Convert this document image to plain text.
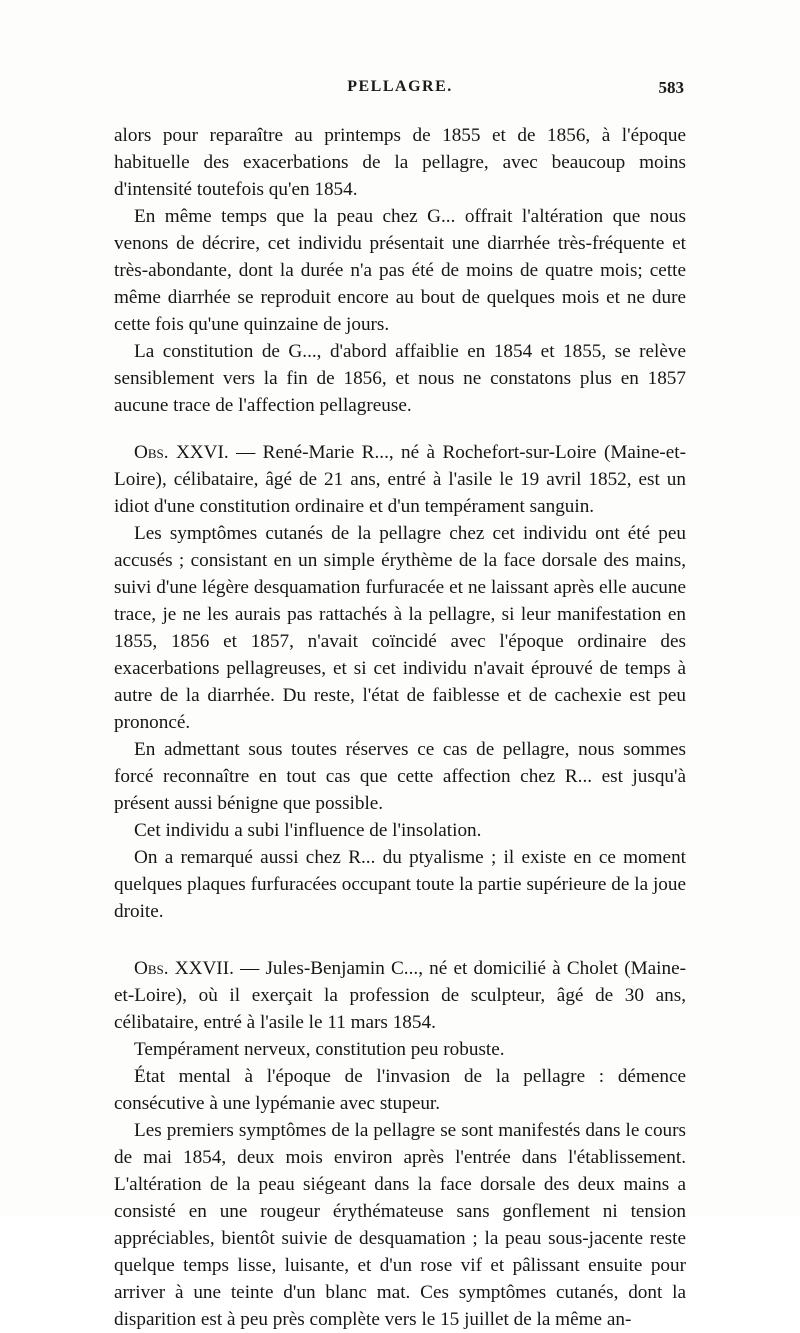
PELLAGRE.	583

alors pour reparaître au printemps de 1855 et de 1856, à l'époque habituelle des exacerbations de la pellagre, avec beaucoup moins d'intensité toutefois qu'en 1854.

En même temps que la peau chez G... offrait l'altération que nous venons de décrire, cet individu présentait une diarrhée très-fréquente et très-abondante, dont la durée n'a pas été de moins de quatre mois; cette même diarrhée se reproduit encore au bout de quelques mois et ne dure cette fois qu'une quinzaine de jours.

La constitution de G..., d'abord affaiblie en 1854 et 1855, se relève sensiblement vers la fin de 1856, et nous ne constatons plus en 1857 aucune trace de l'affection pellagreuse.

Obs. XXVI. — René-Marie R..., né à Rochefort-sur-Loire (Maine-et-Loire), célibataire, âgé de 21 ans, entré à l'asile le 19 avril 1852, est un idiot d'une constitution ordinaire et d'un tempérament sanguin.

Les symptômes cutanés de la pellagre chez cet individu ont été peu accusés ; consistant en un simple érythème de la face dorsale des mains, suivi d'une légère desquamation furfuracée et ne laissant après elle aucune trace, je ne les aurais pas rattachés à la pellagre, si leur manifestation en 1855, 1856 et 1857, n'avait coïncidé avec l'époque ordinaire des exacerbations pellagreuses, et si cet individu n'avait éprouvé de temps à autre de la diarrhée. Du reste, l'état de faiblesse et de cachexie est peu prononcé.

En admettant sous toutes réserves ce cas de pellagre, nous sommes forcé reconnaître en tout cas que cette affection chez R... est jusqu'à présent aussi bénigne que possible.

Cet individu a subi l'influence de l'insolation.

On a remarqué aussi chez R... du ptyalisme ; il existe en ce moment quelques plaques furfuracées occupant toute la partie supérieure de la joue droite.

Obs. XXVII. — Jules-Benjamin C..., né et domicilié à Cholet (Maine-et-Loire), où il exerçait la profession de sculpteur, âgé de 30 ans, célibataire, entré à l'asile le 11 mars 1854.

Tempérament nerveux, constitution peu robuste.

État mental à l'époque de l'invasion de la pellagre : démence consécutive à une lypémanie avec stupeur.

Les premiers symptômes de la pellagre se sont manifestés dans le cours de mai 1854, deux mois environ après l'entrée dans l'établissement. L'altération de la peau siégeant dans la face dorsale des deux mains a consisté en une rougeur érythémateuse sans gonflement ni tension appréciables, bientôt suivie de desquamation ; la peau sous-jacente reste quelque temps lisse, luisante, et d'un rose vif et pâlissant ensuite pour arriver à une teinte d'un blanc mat. Ces symptômes cutanés, dont la disparition est à peu près complète vers le 15 juillet de la même an-
